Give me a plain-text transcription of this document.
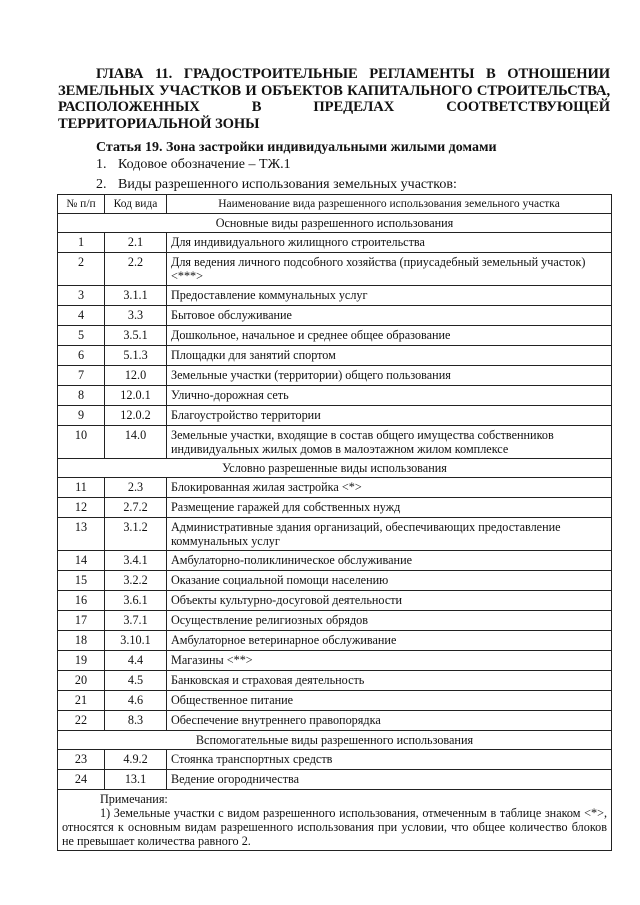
ГЛАВА 11. ГРАДОСТРОИТЕЛЬНЫЕ РЕГЛАМЕНТЫ В ОТНОШЕНИИ ЗЕМЕЛЬНЫХ УЧАСТКОВ И ОБЪЕКТОВ КАПИТАЛЬНОГО СТРОИТЕЛЬСТВА, РАСПОЛОЖЕННЫХ В ПРЕДЕЛАХ СООТВЕТСТВУЮЩЕЙ ТЕРРИТОРИАЛЬНОЙ ЗОНЫ
Статья 19. Зона застройки индивидуальными жилыми домами
1. Кодовое обозначение – ТЖ.1
2. Виды разрешенного использования земельных участков:
№ п/п	Код вида	Наименование вида разрешенного использования земельного участка
Основные виды разрешенного использования		
1	2.1	Для индивидуального жилищного строительства
2	2.2	Для ведения личного подсобного хозяйства (приусадебный земельный участок) <***>
3	3.1.1	Предоставление коммунальных услуг
4	3.3	Бытовое обслуживание
5	3.5.1	Дошкольное, начальное и среднее общее образование
6	5.1.3	Площадки для занятий спортом
7	12.0	Земельные участки (территории) общего пользования
8	12.0.1	Улично-дорожная сеть
9	12.0.2	Благоустройство территории
10	14.0	Земельные участки, входящие в состав общего имущества собственников индивидуальных жилых домов в малоэтажном жилом комплексе
Условно разрешенные виды использования		
11	2.3	Блокированная жилая застройка <*>
12	2.7.2	Размещение гаражей для собственных нужд
13	3.1.2	Административные здания организаций, обеспечивающих предоставление коммунальных услуг
14	3.4.1	Амбулаторно-поликлиническое обслуживание
15	3.2.2	Оказание социальной помощи населению
16	3.6.1	Объекты культурно-досуговой деятельности
17	3.7.1	Осуществление религиозных обрядов
18	3.10.1	Амбулаторное ветеринарное обслуживание
19	4.4	Магазины <**>
20	4.5	Банковская и страховая деятельность
21	4.6	Общественное питание
22	8.3	Обеспечение внутреннего правопорядка
Вспомогательные виды разрешенного использования		
23	4.9.2	Стоянка транспортных средств
24	13.1	Ведение огородничества

Примечания:
1) Земельные участки с видом разрешенного использования, отмеченным в таблице знаком <*>, относятся к основным видам разрешенного использования при условии, что общее количество блоков не превышает количества равного 2.		
